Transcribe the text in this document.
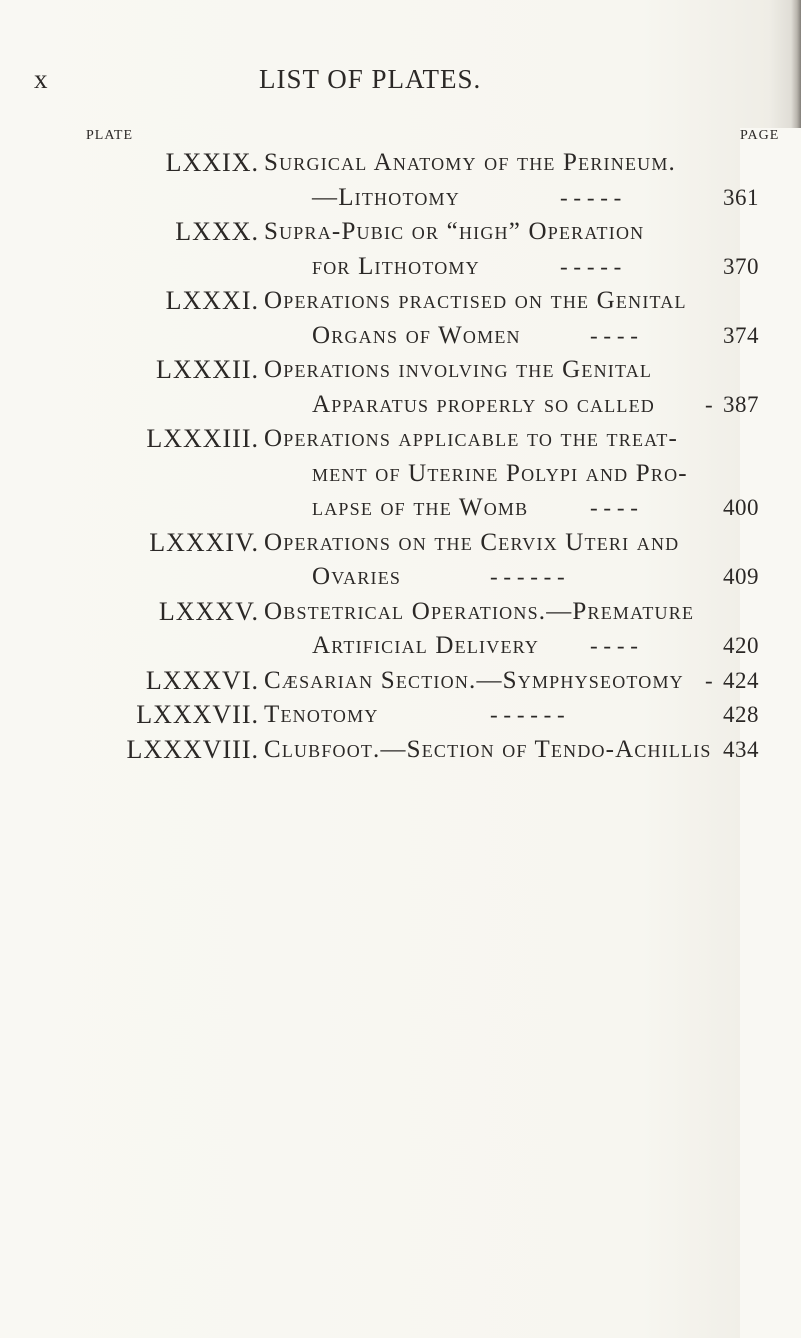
x	LIST OF PLATES.
PLATE	PAGE
LXXIX. Surgical Anatomy of the Perineum.
—Lithotomy	- - - - -	361
LXXX. Supra-Pubic or “high” Operation
for Lithotomy	- - - - -	370
LXXXI. Operations practised on the Genital
Organs of Women	- - - -	374
LXXXII. Operations involving the Genital
Apparatus properly so called - 387
LXXXIII. Operations applicable to the treat-
ment of Uterine Polypi and Pro-
lapse of the Womb	- - - -	400
LXXXIV. Operations on the Cervix Uteri and
Ovaries	- - - - - -	409
LXXXV. Obstetrical Operations.—Premature
Artificial Delivery - - - -	420
LXXXVI. Cæsarian Section.—Symphyseotomy - 424
LXXXVII. Tenotomy	- - - - - -	428
LXXXVIII. Clubfoot.—Section of Tendo-Achillis 434
